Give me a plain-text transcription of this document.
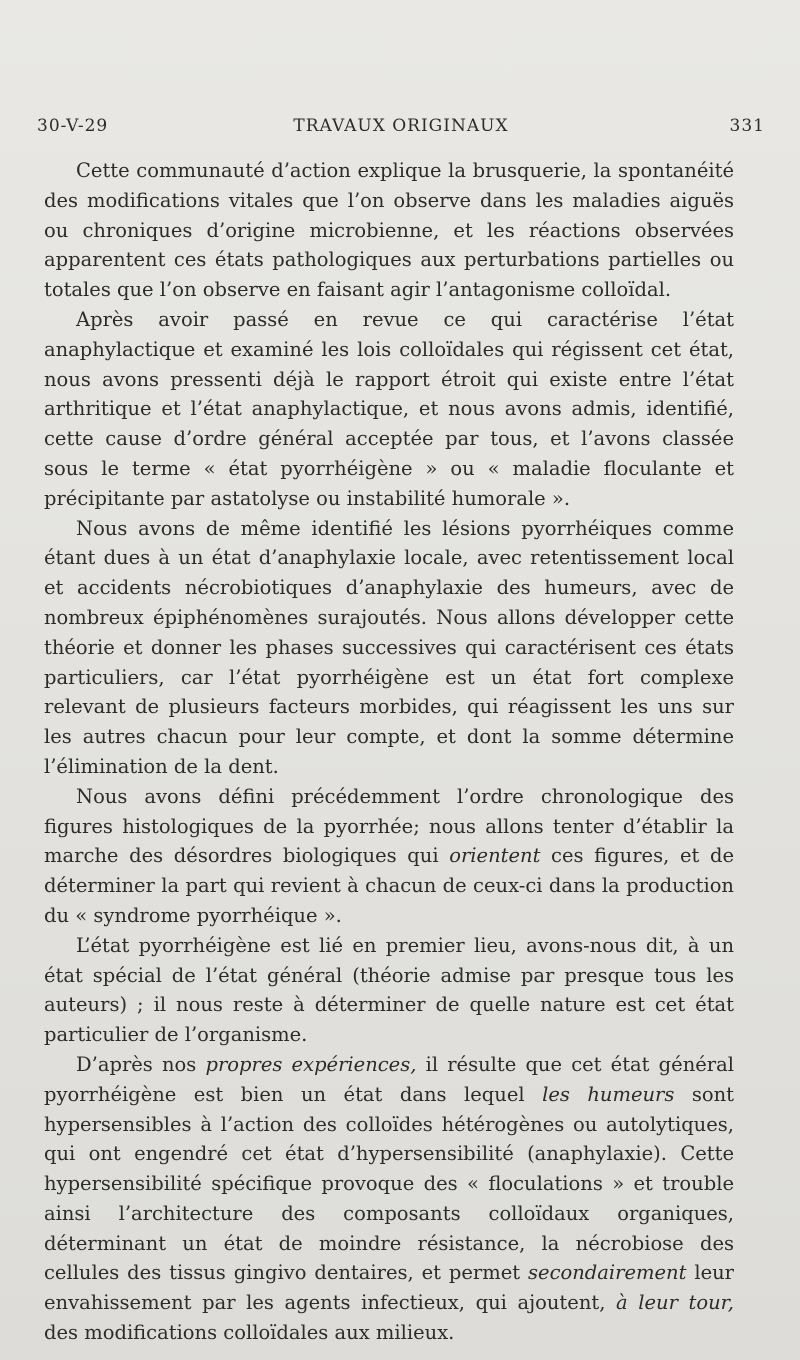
30-V-29	TRAVAUX ORIGINAUX	331

Cette communauté d’action explique la brusquerie, la spontanéité des modifications vitales que l’on observe dans les maladies aiguës ou chroniques d’origine microbienne, et les réactions observées apparentent ces états pathologiques aux perturbations partielles ou totales que l’on observe en faisant agir l’antagonisme colloïdal.

Après avoir passé en revue ce qui caractérise l’état anaphylactique et examiné les lois colloïdales qui régissent cet état, nous avons pressenti déjà le rapport étroit qui existe entre l’état arthritique et l’état anaphylactique, et nous avons admis, identifié, cette cause d’ordre général acceptée par tous, et l’avons classée sous le terme « état pyorrhéigène » ou « maladie floculante et précipitante par astatolyse ou instabilité humorale ».

Nous avons de même identifié les lésions pyorrhéiques comme étant dues à un état d’anaphylaxie locale, avec retentissement local et accidents nécrobiotiques d’anaphylaxie des humeurs, avec de nombreux épiphénomènes surajoutés. Nous allons développer cette théorie et donner les phases successives qui caractérisent ces états particuliers, car l’état pyorrhéigène est un état fort complexe relevant de plusieurs facteurs morbides, qui réagissent les uns sur les autres chacun pour leur compte, et dont la somme détermine l’élimination de la dent.

Nous avons défini précédemment l’ordre chronologique des figures histologiques de la pyorrhée; nous allons tenter d’établir la marche des désordres biologiques qui orientent ces figures, et de déterminer la part qui revient à chacun de ceux-ci dans la production du « syndrome pyorrhéique ».

L’état pyorrhéigène est lié en premier lieu, avons-nous dit, à un état spécial de l’état général (théorie admise par presque tous les auteurs) ; il nous reste à déterminer de quelle nature est cet état particulier de l’organisme.

D’après nos propres expériences, il résulte que cet état général pyorrhéigène est bien un état dans lequel les humeurs sont hypersensibles à l’action des colloïdes hétérogènes ou autolytiques, qui ont engendré cet état d’hypersensibilité (anaphylaxie). Cette hypersensibilité spécifique provoque des « floculations » et trouble ainsi l’architecture des composants colloïdaux organiques, déterminant un état de moindre résistance, la nécrobiose des cellules des tissus gingivo dentaires, et permet secondairement leur envahissement par les agents infectieux, qui ajoutent, à leur tour, des modifications colloïdales aux milieux.
